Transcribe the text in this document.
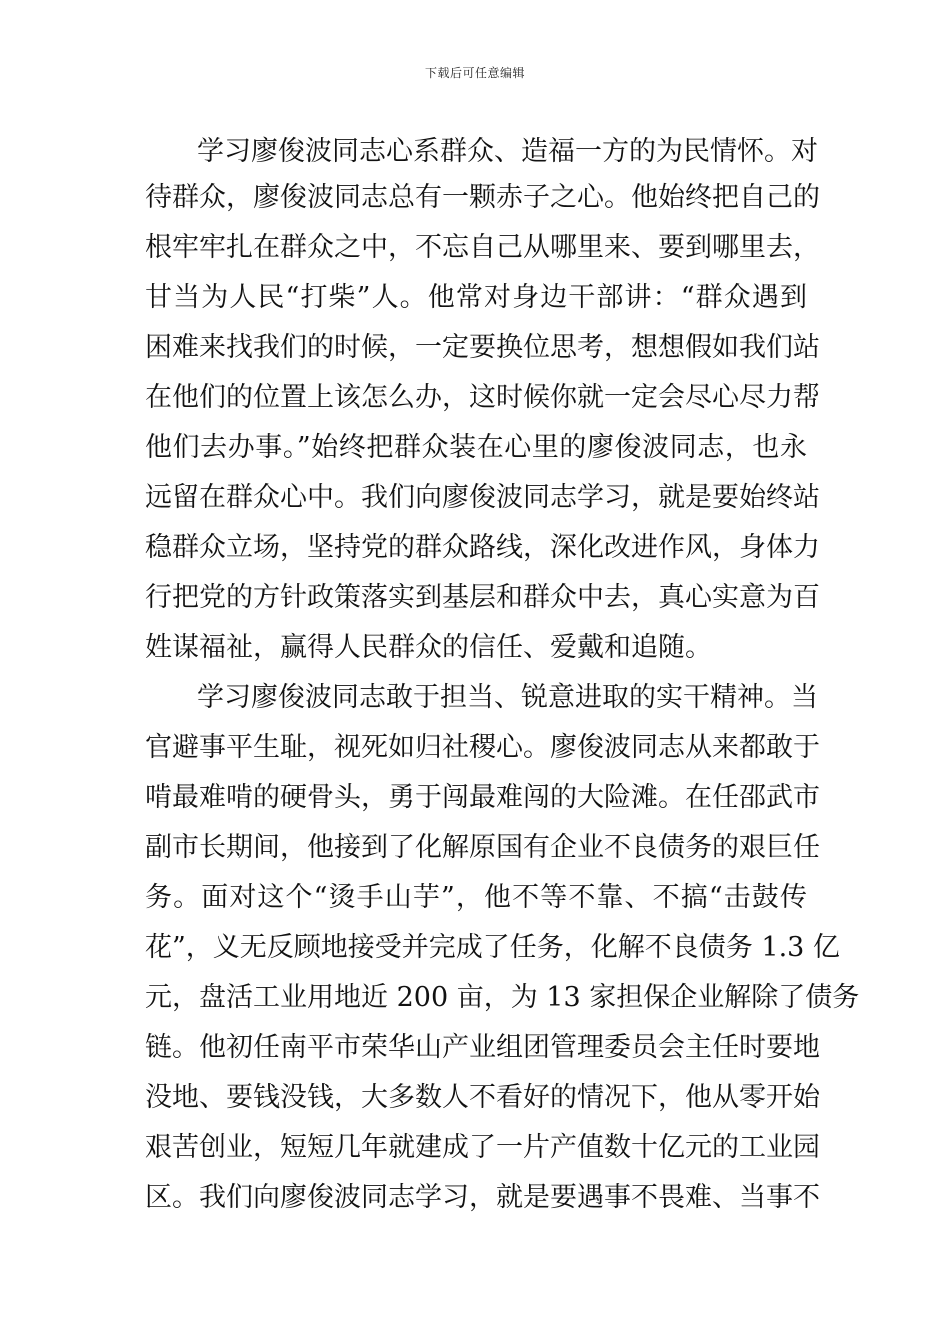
下载后可任意编辑
学习廖俊波同志心系群众、造福一方的为民情怀。对
待群众，廖俊波同志总有一颗赤子之心。他始终把自己的
根牢牢扎在群众之中，不忘自己从哪里来、要到哪里去，
甘当为人民“打柴”人。他常对身边干部讲：“群众遇到
困难来找我们的时候，一定要换位思考，想想假如我们站
在他们的位置上该怎么办，这时候你就一定会尽心尽力帮
他们去办事。”始终把群众装在心里的廖俊波同志，也永
远留在群众心中。我们向廖俊波同志学习，就是要始终站
稳群众立场，坚持党的群众路线，深化改进作风，身体力
行把党的方针政策落实到基层和群众中去，真心实意为百
姓谋福祉，赢得人民群众的信任、爱戴和追随。
学习廖俊波同志敢于担当、锐意进取的实干精神。当
官避事平生耻，视死如归社稷心。廖俊波同志从来都敢于
啃最难啃的硬骨头，勇于闯最难闯的大险滩。在任邵武市
副市长期间，他接到了化解原国有企业不良债务的艰巨任
务。面对这个“烫手山芋”，他不等不靠、不搞“击鼓传
花”，义无反顾地接受并完成了任务，化解不良债务 1.3 亿
元，盘活工业用地近 200 亩，为 13 家担保企业解除了债务
链。他初任南平市荣华山产业组团管理委员会主任时要地
没地、要钱没钱，大多数人不看好的情况下，他从零开始
艰苦创业，短短几年就建成了一片产值数十亿元的工业园
区。我们向廖俊波同志学习，就是要遇事不畏难、当事不
